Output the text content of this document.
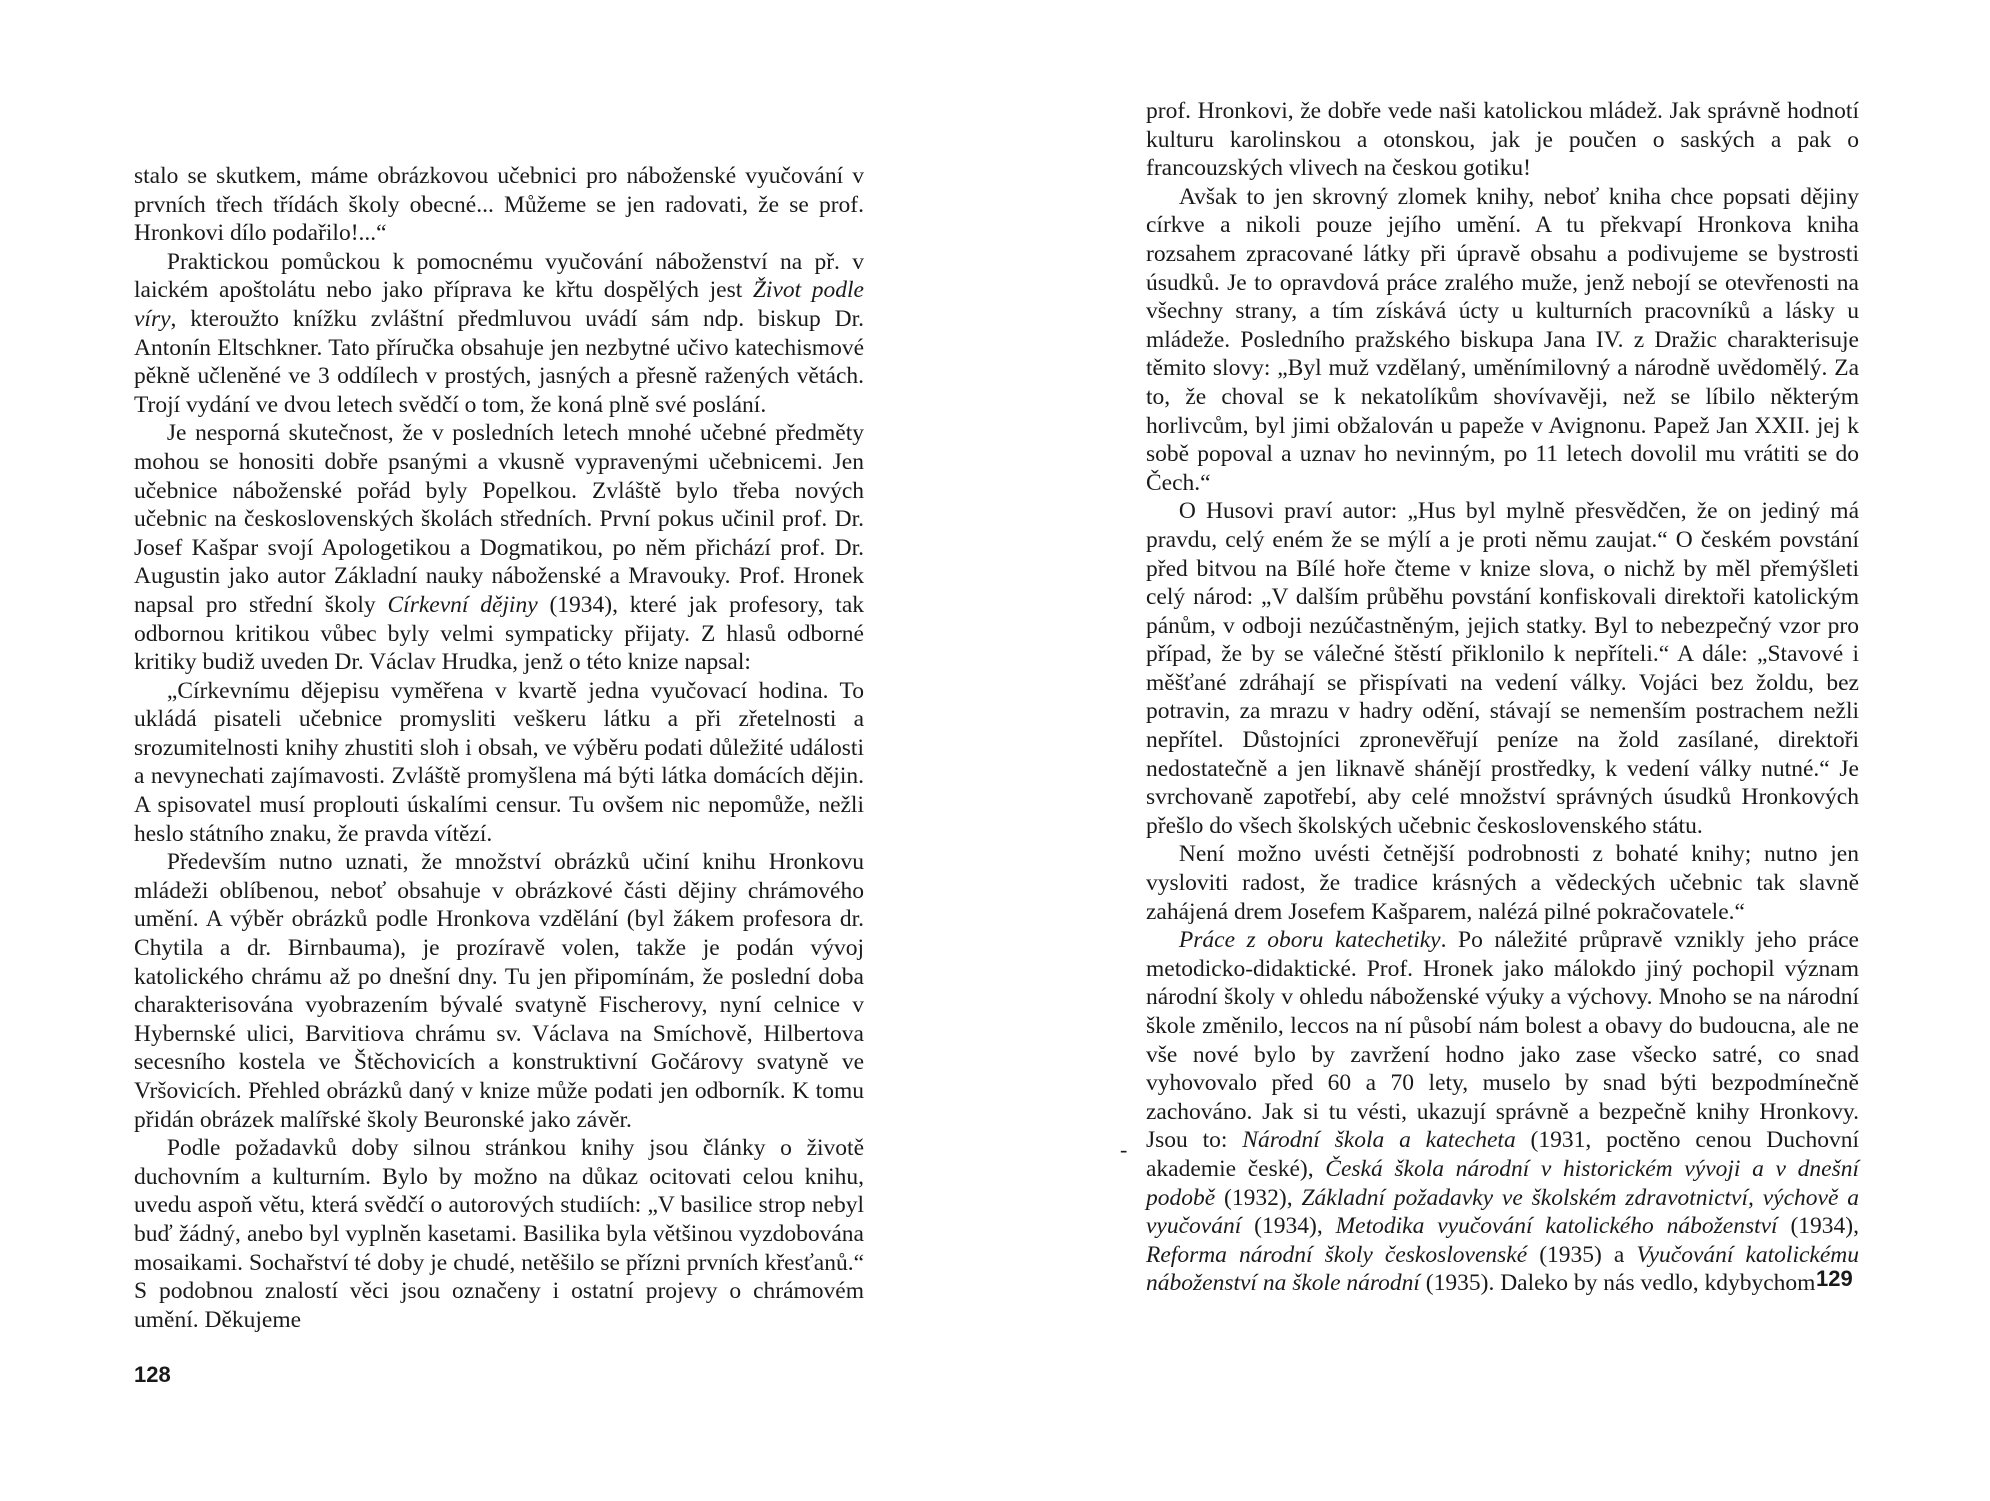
stalo se skutkem, máme obrázkovou učebnici pro náboženské vyučování v prvních třech třídách školy obecné... Můžeme se jen radovati, že se prof. Hronkovi dílo podařilo!...“

Praktickou pomůckou k pomocnému vyučování náboženství na př. v laickém apoštolátu nebo jako příprava ke křtu dospělých jest Život podle víry, kteroužto knížku zvláštní předmluvou uvádí sám ndp. biskup Dr. Antonín Eltschkner. Tato příručka obsahuje jen nezbytné učivo katechismové pěkně učleněné ve 3 oddílech v prostých, jasných a přesně ražených větách. Trojí vydání ve dvou letech svědčí o tom, že koná plně své poslání.

Je nesporná skutečnost, že v posledních letech mnohé učebné předměty mohou se honositi dobře psanými a vkusně vypravenými učebnicemi. Jen učebnice náboženské pořád byly Popelkou. Zvláště bylo třeba nových učebnic na československých školách středních. První pokus učinil prof. Dr. Josef Kašpar svojí Apologetikou a Dogmatikou, po něm přichází prof. Dr. Augustin jako autor Základní nauky náboženské a Mravouky. Prof. Hronek napsal pro střední školy Církevní dějiny (1934), které jak profesory, tak odbornou kritikou vůbec byly velmi sympaticky přijaty. Z hlasů odborné kritiky budiž uveden Dr. Václav Hrudka, jenž o této knize napsal:

„Církevnímu dějepisu vyměřena v kvartě jedna vyučovací hodina. To ukládá pisateli učebnice promysliti veškeru látku a při zřetelnosti a srozumitelnosti knihy zhustiti sloh i obsah, ve výběru podati důležité události a nevynechati zajímavosti. Zvláště promyšlena má býti látka domácích dějin. A spisovatel musí proplouti úskalími censur. Tu ovšem nic nepomůže, nežli heslo státního znaku, že pravda vítězí.

Především nutno uznati, že množství obrázků učiní knihu Hronkovu mládeži oblíbenou, neboť obsahuje v obrázkové části dějiny chrámového umění. A výběr obrázků podle Hronkova vzdělání (byl žákem profesora dr. Chytila a dr. Birnbauma), je prozíravě volen, takže je podán vývoj katolického chrámu až po dnešní dny. Tu jen připomínám, že poslední doba charakterisována vyobrazením bývalé svatyně Fischerovy, nyní celnice v Hybernské ulici, Barvitiova chrámu sv. Václava na Smíchově, Hilbertova secesního kostela ve Štěchovicích a konstruktivní Gočárovy svatyně ve Vršovicích. Přehled obrázků daný v knize může podati jen odborník. K tomu přidán obrázek malířské školy Beuronské jako závěr.

Podle požadavků doby silnou stránkou knihy jsou články o životě duchovním a kulturním. Bylo by možno na důkaz ocitovati celou knihu, uvedu aspoň větu, která svědčí o autorových studiích: „V basilice strop nebyl buď žádný, anebo byl vyplněn kasetami. Basilika byla většinou vyzdobována mosaikami. Sochařství té doby je chudé, netěšilo se přízni prvních křesťanů.“ S podobnou znalostí věci jsou označeny i ostatní projevy o chrámovém umění. Děkujeme

128

prof. Hronkovi, že dobře vede naši katolickou mládež. Jak správně hodnotí kulturu karolinskou a otonskou, jak je poučen o saských a pak o francouzských vlivech na českou gotiku!

Avšak to jen skrovný zlomek knihy, neboť kniha chce popsati dějiny církve a nikoli pouze jejího umění. A tu překvapí Hronkova kniha rozsahem zpracované látky při úpravě obsahu a podivujeme se bystrosti úsudků. Je to opravdová práce zralého muže, jenž nebojí se otevřenosti na všechny strany, a tím získává úcty u kulturních pracovníků a lásky u mládeže. Posledního pražského biskupa Jana IV. z Dražic charakterisuje těmito slovy: „Byl muž vzdělaný, uměnímilovný a národně uvědomělý. Za to, že choval se k nekatolíkům shovívavěji, než se líbilo některým horlivcům, byl jimi obžalován u papeže v Avignonu. Papež Jan XXII. jej k sobě popoval a uznav ho nevinným, po 11 letech dovolil mu vrátiti se do Čech.“

O Husovi praví autor: „Hus byl mylně přesvědčen, že on jediný má pravdu, celý eném že se mýlí a je proti němu zaujat.“ O českém povstání před bitvou na Bílé hoře čteme v knize slova, o nichž by měl přemýšleti celý národ: „V dalším průběhu povstání konfiskovali direktoři katolickým pánům, v odboji nezúčastněným, jejich statky. Byl to nebezpečný vzor pro případ, že by se válečné štěstí přiklonilo k nepříteli.“ A dále: „Stavové i měšťané zdráhají se přispívati na vedení války. Vojáci bez žoldu, bez potravin, za mrazu v hadry odění, stávají se nemenším postrachem nežli nepřítel. Důstojníci zpronevěřují peníze na žold zasílané, direktoři nedostatečně a jen liknavě shánějí prostředky, k vedení války nutné.“ Je svrchovaně zapotřebí, aby celé množství správných úsudků Hronkových přešlo do všech školských učebnic československého státu.

Není možno uvésti četnější podrobnosti z bohaté knihy; nutno jen vysloviti radost, že tradice krásných a vědeckých učebnic tak slavně zahájená drem Josefem Kašparem, nalézá pilné pokračovatele.“

Práce z oboru katechetiky. Po náležité průpravě vznikly jeho práce metodicko-didaktické. Prof. Hronek jako málokdo jiný pochopil význam národní školy v ohledu náboženské výuky a výchovy. Mnoho se na národní škole změnilo, leccos na ní působí nám bolest a obavy do budoucna, ale ne vše nové bylo by zavržení hodno jako zase všecko satré, co snad vyhovovalo před 60 a 70 lety, muselo by snad býti bezpodmínečně zachováno. Jak si tu vésti, ukazují správně a bezpečně knihy Hronkovy. Jsou to: Národní škola a katecheta (1931, poctěno cenou Duchovní akademie české), Česká škola národní v historickém vývoji a v dnešní podobě (1932), Základní požadavky ve školském zdravotnictví, výchově a vyučování (1934), Metodika vyučování katolického náboženství (1934), Reforma národní školy československé (1935) a Vyučování katolickému náboženství na škole národní (1935). Daleko by nás vedlo, kdybychom

-
129
